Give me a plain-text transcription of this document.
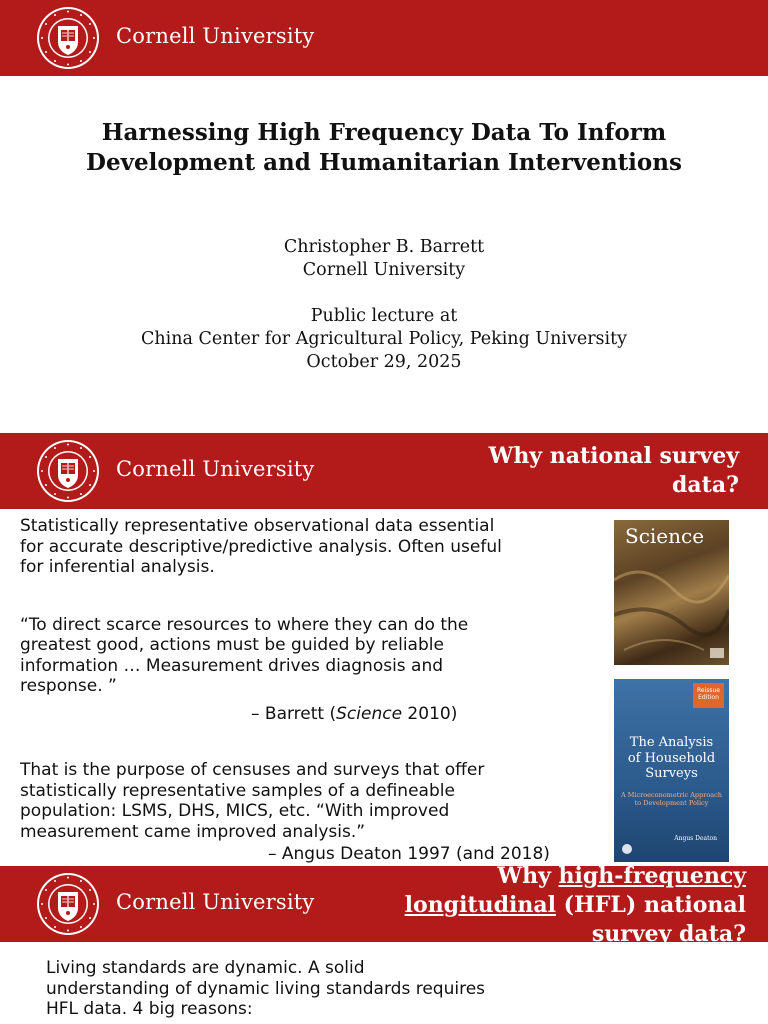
Cornell University
Harnessing High Frequency Data To Inform
Development and Humanitarian Interventions
Christopher B. Barrett
Cornell University
Public lecture at
China Center for Agricultural Policy, Peking University
October 29, 2025
Cornell University	Why national survey
data?

Statistically representative observational data essential
for accurate descriptive/predictive analysis. Often useful
for inferential analysis.

“To direct scarce resources to where they can do the
greatest good, actions must be guided by reliable
information … Measurement drives diagnosis and
response. ”

– Barrett (Science 2010)

That is the purpose of censuses and surveys that offer
statistically representative samples of a defineable
population: LSMS, DHS, MICS, etc. “With improved
measurement came improved analysis.”

– Angus Deaton 1997 (and 2018)

Science
Reissue
Edition
The Analysis
of Household
Surveys
A Microeconometric Approach
to Development Policy
Angus Deaton
Cornell University
Why high-frequency
longitudinal (HFL) national
survey data?
Living standards are dynamic. A solid
understanding of dynamic living standards requires
HFL data. 4 big reasons:
